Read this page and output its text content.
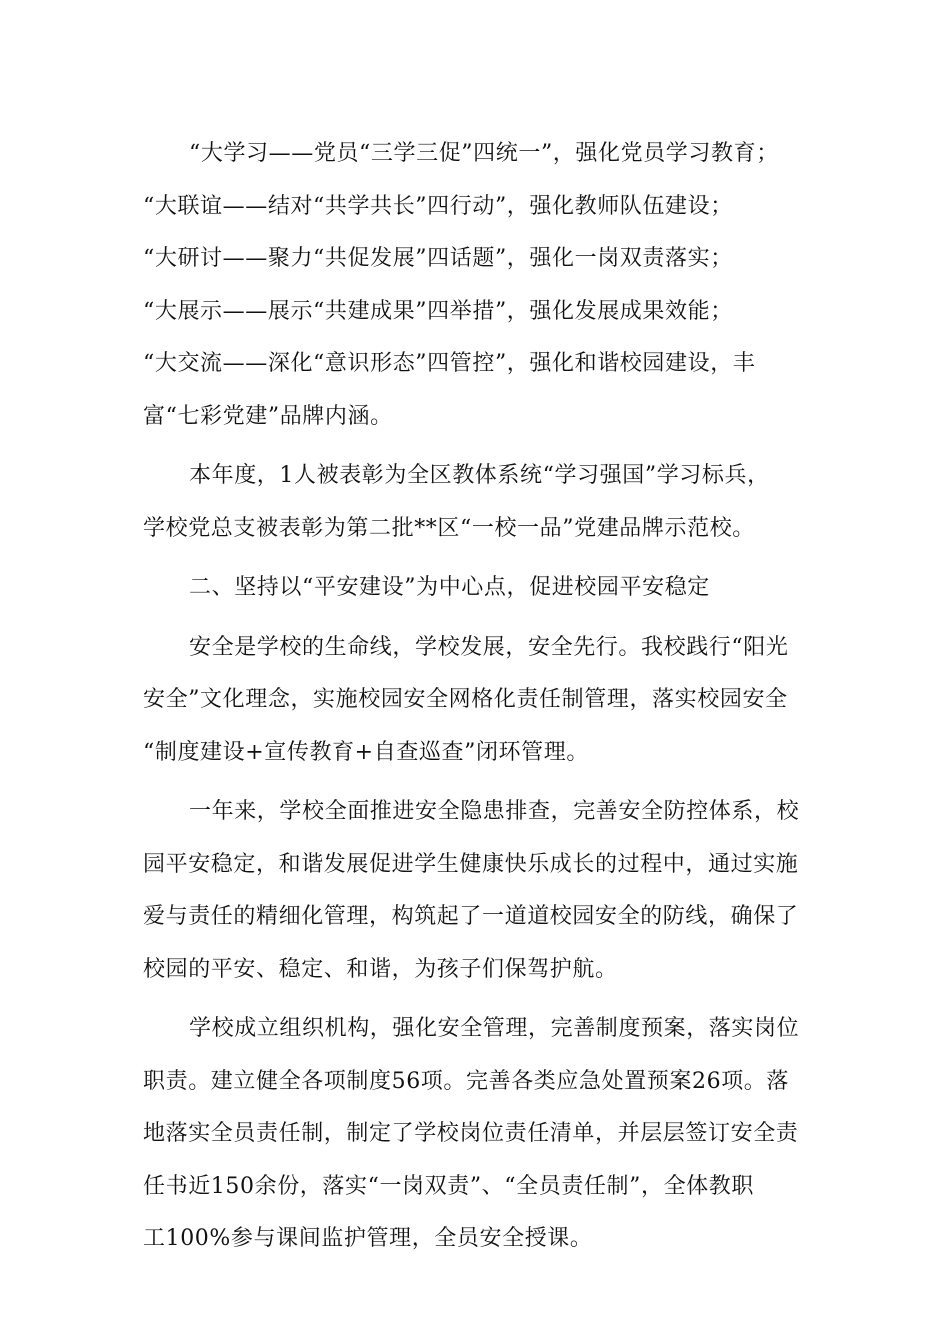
“大学习——党员“三学三促”四统一”，强化党员学习教育；
“大联谊——结对“共学共长”四行动”，强化教师队伍建设；
“大研讨——聚力“共促发展”四话题”，强化一岗双责落实；
“大展示——展示“共建成果”四举措”，强化发展成果效能；
“大交流——深化“意识形态”四管控”，强化和谐校园建设，丰
富“七彩党建”品牌内涵。
本年度，1人被表彰为全区教体系统“学习强国”学习标兵，
学校党总支被表彰为第二批**区“一校一品”党建品牌示范校。
二、坚持以“平安建设”为中心点，促进校园平安稳定
安全是学校的生命线，学校发展，安全先行。我校践行“阳光
安全”文化理念，实施校园安全网格化责任制管理，落实校园安全
“制度建设+宣传教育+自查巡查”闭环管理。
一年来，学校全面推进安全隐患排查，完善安全防控体系，校
园平安稳定，和谐发展促进学生健康快乐成长的过程中，通过实施
爱与责任的精细化管理，构筑起了一道道校园安全的防线，确保了
校园的平安、稳定、和谐，为孩子们保驾护航。
学校成立组织机构，强化安全管理，完善制度预案，落实岗位
职责。建立健全各项制度56项。完善各类应急处置预案26项。落
地落实全员责任制，制定了学校岗位责任清单，并层层签订安全责
任书近150余份，落实“一岗双责”、“全员责任制”，全体教职
工100%参与课间监护管理，全员安全授课。
